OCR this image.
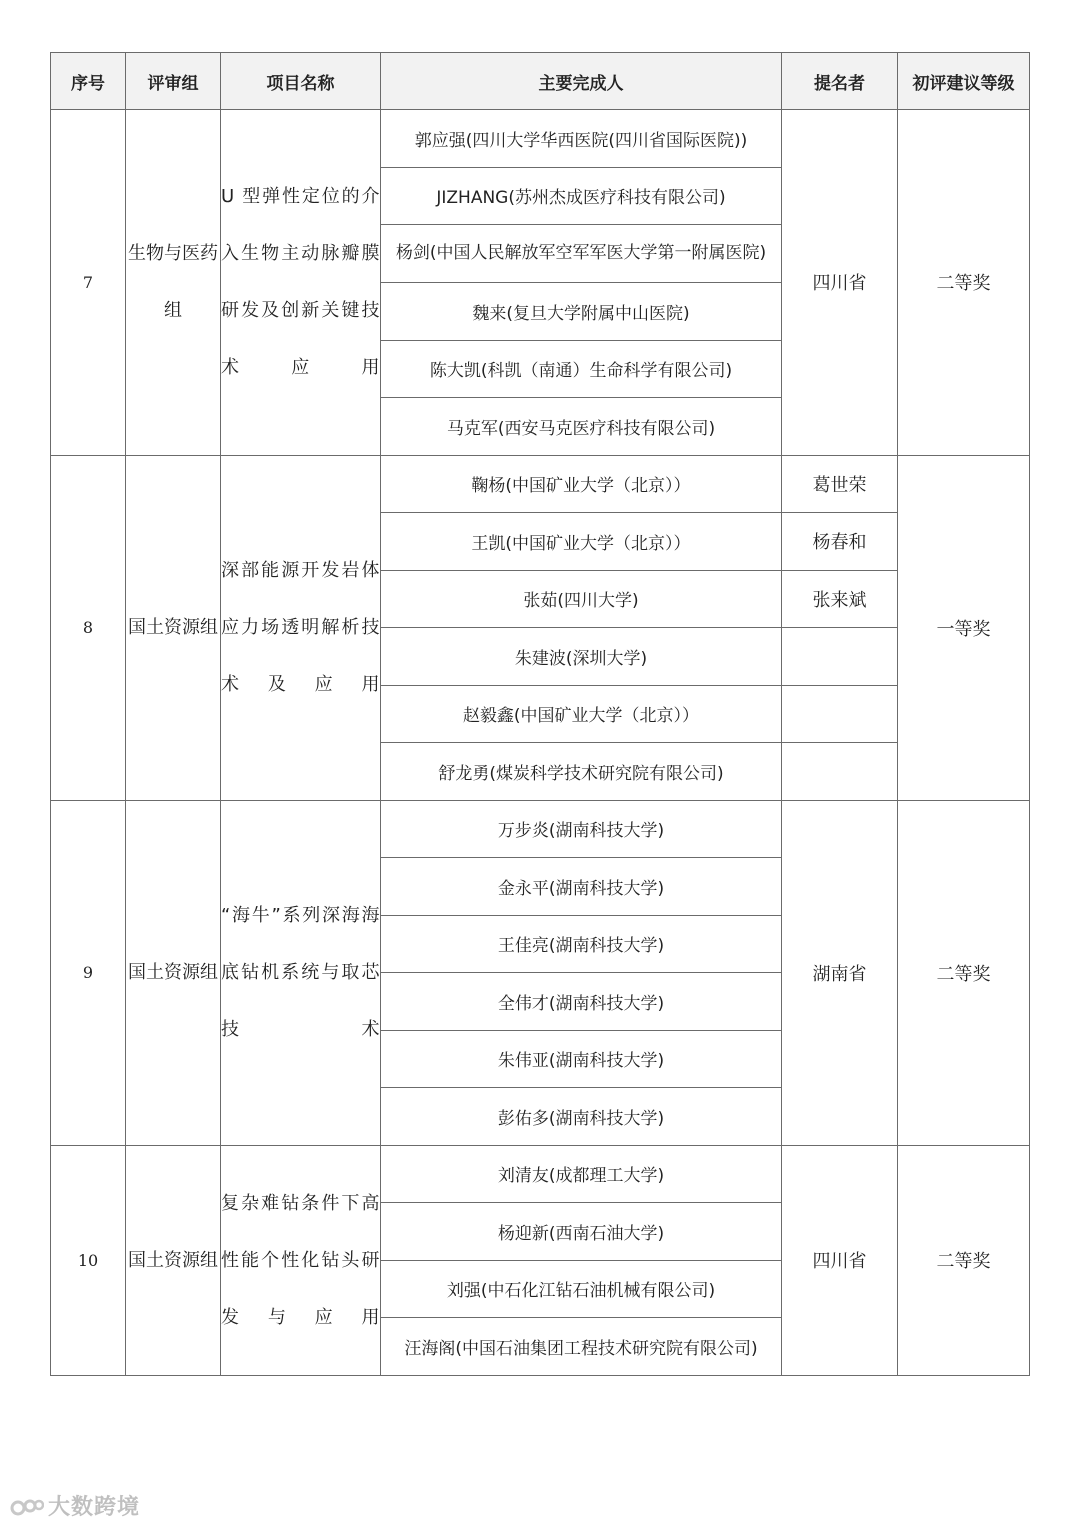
序号	评审组	项目名称	主要完成人	提名者	初评建议等级
7	生物与医药组	U 型弹性定位的介入生物主动脉瓣膜研发及创新关键技术应用	郭应强(四川大学华西医院(四川省国际医院))	四川省	二等奖
			JIZHANG(苏州杰成医疗科技有限公司)		
			杨剑(中国人民解放军空军军医大学第一附属医院)		

			魏来(复旦大学附属中山医院)		
			陈大凯(科凯（南通）生命科学有限公司)		
			马克军(西安马克医疗科技有限公司)		
8	国土资源组	深部能源开发岩体应力场透明解析技术及应用	鞠杨(中国矿业大学（北京））	葛世荣	一等奖
			王凯(中国矿业大学（北京））	杨春和	
			张茹(四川大学)	张来斌	
			朱建波(深圳大学)		
			赵毅鑫(中国矿业大学（北京））		
			舒龙勇(煤炭科学技术研究院有限公司)		
9	国土资源组	“海牛”系列深海海底钻机系统与取芯技术	万步炎(湖南科技大学)	湖南省	二等奖
			金永平(湖南科技大学)		
			王佳亮(湖南科技大学)		
			全伟才(湖南科技大学)		
			朱伟亚(湖南科技大学)		
			彭佑多(湖南科技大学)		
10	国土资源组	复杂难钻条件下高性能个性化钻头研发与应用	刘清友(成都理工大学)	四川省	二等奖
			杨迎新(西南石油大学)		
			刘强(中石化江钻石油机械有限公司)		
			汪海阁(中国石油集团工程技术研究院有限公司)		
大数跨境
